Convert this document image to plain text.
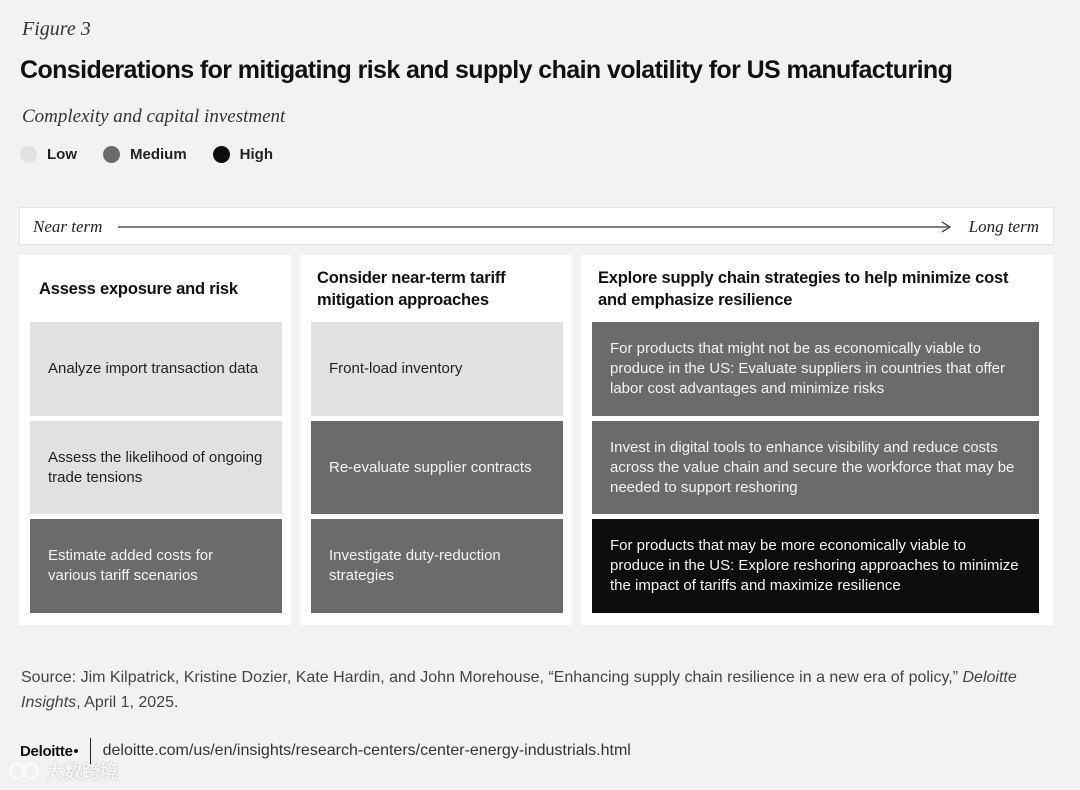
Figure 3
Considerations for mitigating risk and supply chain volatility for US manufacturing
Complexity and capital investment
Low	Medium	High
Near term	Long term
Assess exposure and risk
Analyze import transaction data
Assess the likelihood of ongoing trade tensions
Estimate added costs for various tariff scenarios
Consider near-term tariff mitigation approaches
Front-load inventory
Re-evaluate supplier contracts
Investigate duty-reduction strategies
Explore supply chain strategies to help minimize cost and emphasize resilience
For products that might not be as economically viable to produce in the US: Evaluate suppliers in countries that offer labor cost advantages and minimize risks
Invest in digital tools to enhance visibility and reduce costs across the value chain and secure the workforce that may be needed to support reshoring
For products that may be more economically viable to produce in the US: Explore reshoring approaches to minimize the impact of tariffs and maximize resilience
Source: Jim Kilpatrick, Kristine Dozier, Kate Hardin, and John Morehouse, “Enhancing supply chain resilience in a new era of policy,” Deloitte Insights, April 1, 2025.
Deloitte deloitte.com/us/en/insights/research-centers/center-energy-industrials.html
大数跨境
